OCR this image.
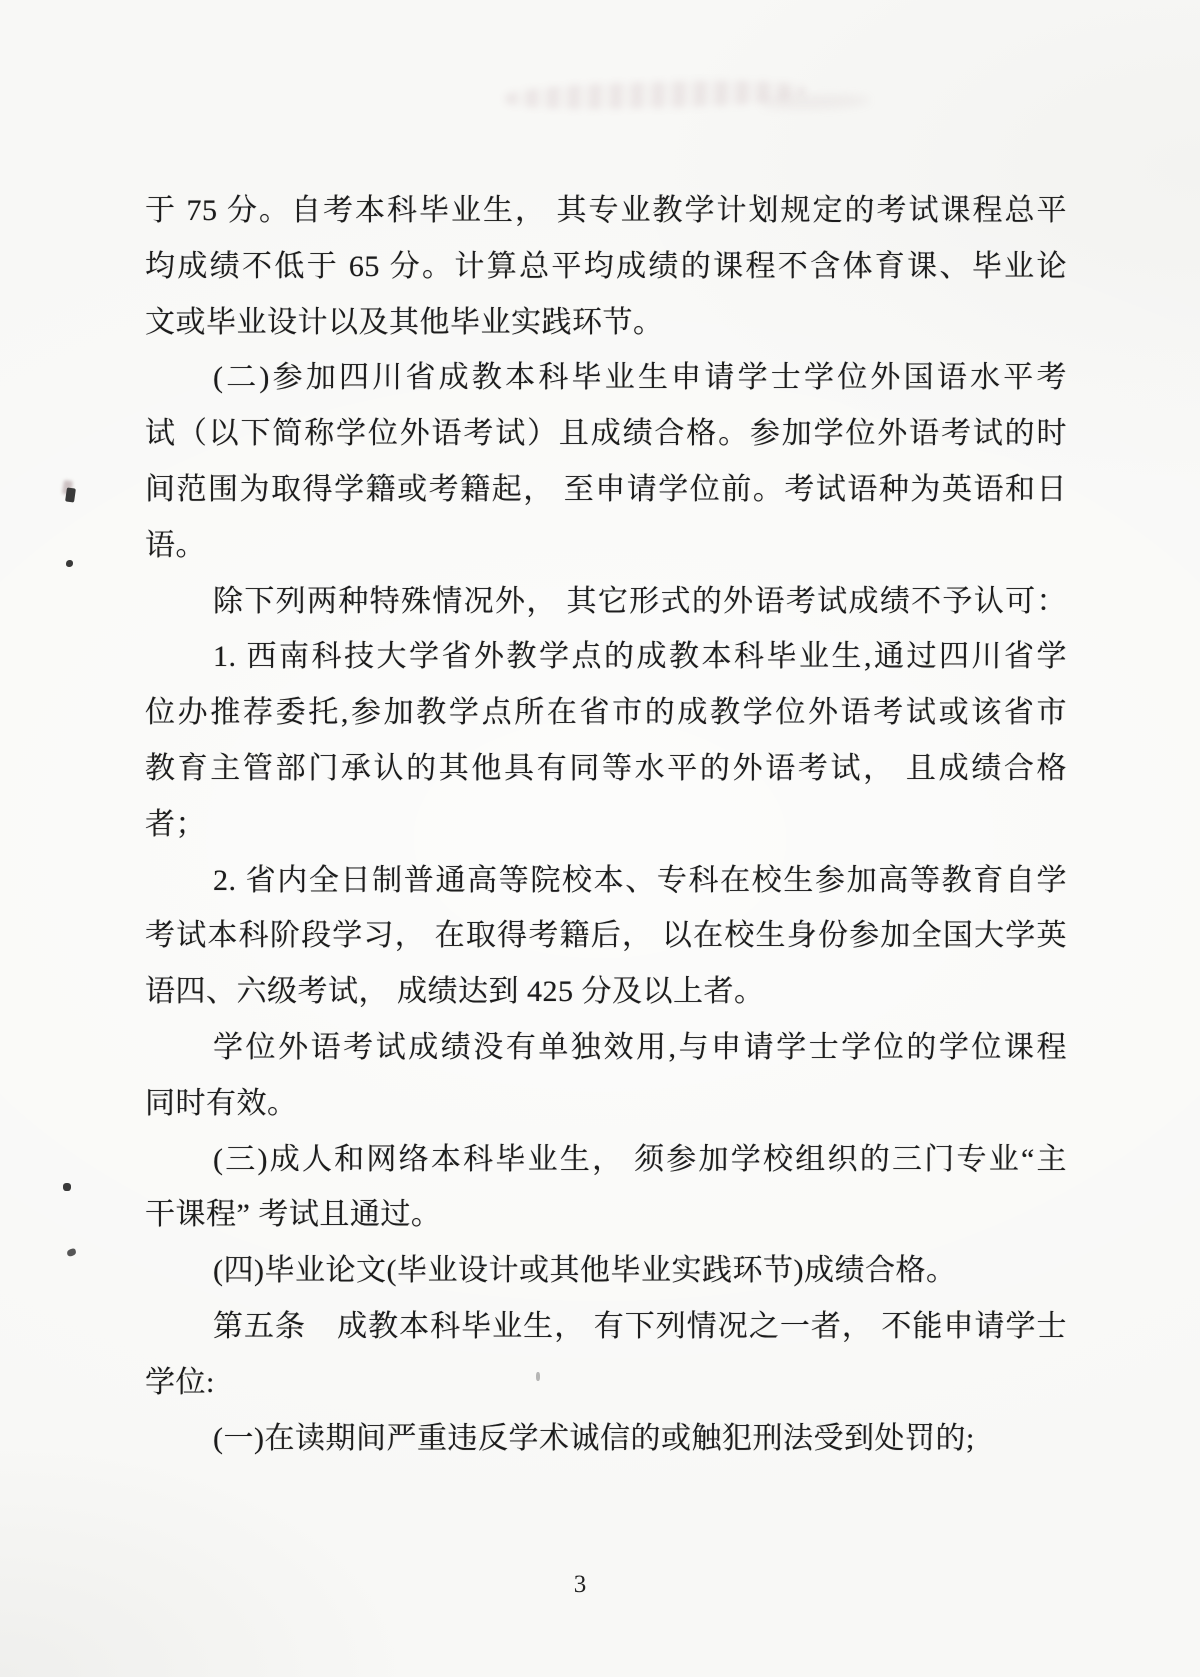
于 75 分。自考本科毕业生， 其专业教学计划规定的考试课程总平
均成绩不低于 65 分。计算总平均成绩的课程不含体育课、毕业论
文或毕业设计以及其他毕业实践环节。
(二)参加四川省成教本科毕业生申请学士学位外国语水平考
试（以下简称学位外语考试）且成绩合格。参加学位外语考试的时
间范围为取得学籍或考籍起， 至申请学位前。考试语种为英语和日
语。
除下列两种特殊情况外， 其它形式的外语考试成绩不予认可：
1. 西南科技大学省外教学点的成教本科毕业生,通过四川省学
位办推荐委托,参加教学点所在省市的成教学位外语考试或该省市
教育主管部门承认的其他具有同等水平的外语考试， 且成绩合格
者；
2. 省内全日制普通高等院校本、专科在校生参加高等教育自学
考试本科阶段学习， 在取得考籍后， 以在校生身份参加全国大学英
语四、六级考试， 成绩达到 425 分及以上者。
学位外语考试成绩没有单独效用,与申请学士学位的学位课程
同时有效。
(三)成人和网络本科毕业生， 须参加学校组织的三门专业“主
干课程” 考试且通过。
(四)毕业论文(毕业设计或其他毕业实践环节)成绩合格。
第五条　成教本科毕业生， 有下列情况之一者， 不能申请学士
学位:
(一)在读期间严重违反学术诚信的或触犯刑法受到处罚的;
3
